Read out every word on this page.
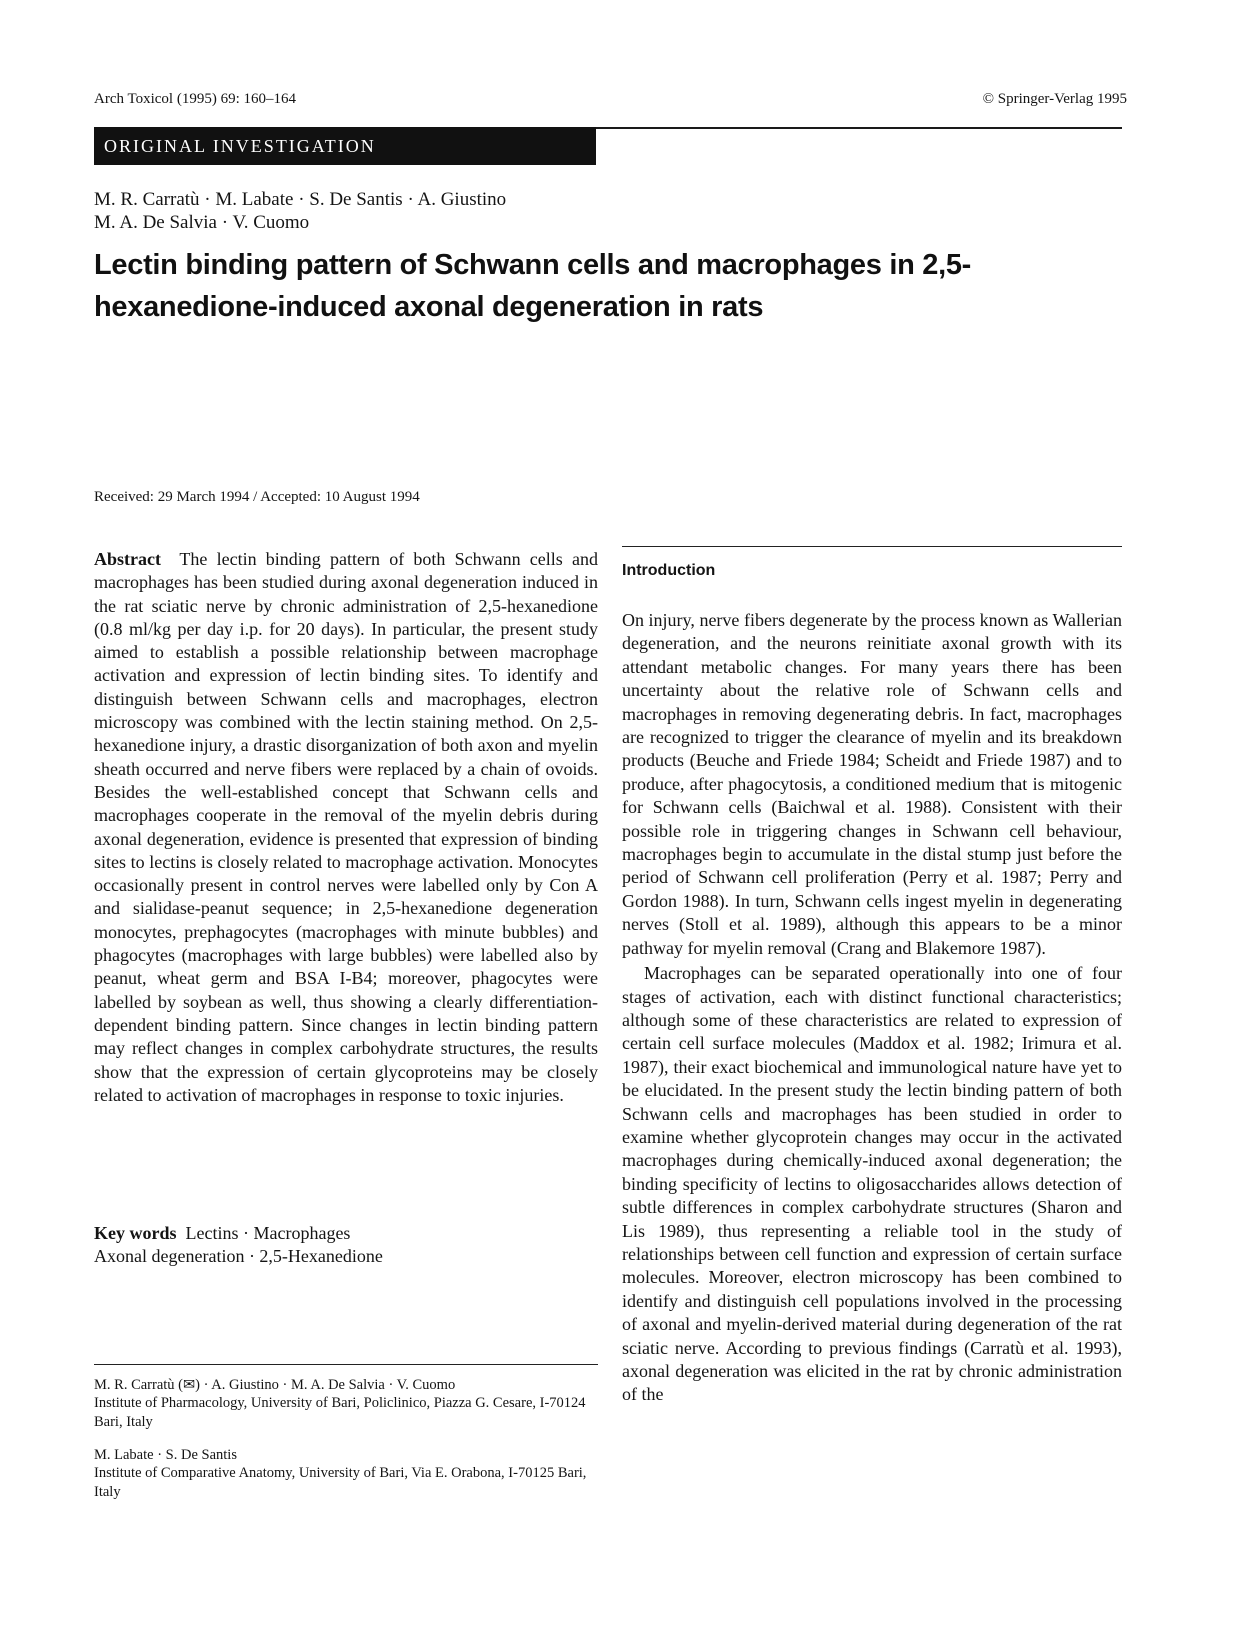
Arch Toxicol (1995) 69: 160–164	© Springer-Verlag 1995
ORIGINAL INVESTIGATION
M. R. Carratù · M. Labate · S. De Santis · A. Giustino
M. A. De Salvia · V. Cuomo
Lectin binding pattern of Schwann cells and macrophages in 2,5-hexanedione-induced axonal degeneration in rats
Received: 29 March 1994 / Accepted: 10 August 1994

Abstract The lectin binding pattern of both Schwann cells and macrophages has been studied during axonal degeneration induced in the rat sciatic nerve by chronic administration of 2,5-hexanedione (0.8 ml/kg per day i.p. for 20 days). In particular, the present study aimed to establish a possible relationship between macrophage activation and expression of lectin binding sites. To identify and distinguish between Schwann cells and macrophages, electron microscopy was combined with the lectin staining method. On 2,5-hexanedione injury, a drastic disorganization of both axon and myelin sheath occurred and nerve fibers were replaced by a chain of ovoids. Besides the well-established concept that Schwann cells and macrophages cooperate in the removal of the myelin debris during axonal degeneration, evidence is presented that expression of binding sites to lectins is closely related to macrophage activation. Monocytes occasionally present in control nerves were labelled only by Con A and sialidase-peanut sequence; in 2,5-hexanedione degeneration monocytes, prephagocytes (macrophages with minute bubbles) and phagocytes (macrophages with large bubbles) were labelled also by peanut, wheat germ and BSA I-B4; moreover, phagocytes were labelled by soybean as well, thus showing a clearly differentiation-dependent binding pattern. Since changes in lectin binding pattern may reflect changes in complex carbohydrate structures, the results show that the expression of certain glycoproteins may be closely related to activation of macrophages in response to toxic injuries.

Key words Lectins · Macrophages
Axonal degeneration · 2,5-Hexanedione
M. R. Carratù (✉) · A. Giustino · M. A. De Salvia · V. Cuomo
Institute of Pharmacology, University of Bari, Policlinico, Piazza G. Cesare, I-70124 Bari, Italy
M. Labate · S. De Santis
Institute of Comparative Anatomy, University of Bari, Via E. Orabona, I-70125 Bari, Italy
Introduction

On injury, nerve fibers degenerate by the process known as Wallerian degeneration, and the neurons reinitiate axonal growth with its attendant metabolic changes. For many years there has been uncertainty about the relative role of Schwann cells and macrophages in removing degenerating debris. In fact, macrophages are recognized to trigger the clearance of myelin and its breakdown products (Beuche and Friede 1984; Scheidt and Friede 1987) and to produce, after phagocytosis, a conditioned medium that is mitogenic for Schwann cells (Baichwal et al. 1988). Consistent with their possible role in triggering changes in Schwann cell behaviour, macrophages begin to accumulate in the distal stump just before the period of Schwann cell proliferation (Perry et al. 1987; Perry and Gordon 1988). In turn, Schwann cells ingest myelin in degenerating nerves (Stoll et al. 1989), although this appears to be a minor pathway for myelin removal (Crang and Blakemore 1987).

Macrophages can be separated operationally into one of four stages of activation, each with distinct functional characteristics; although some of these characteristics are related to expression of certain cell surface molecules (Maddox et al. 1982; Irimura et al. 1987), their exact biochemical and immunological nature have yet to be elucidated. In the present study the lectin binding pattern of both Schwann cells and macrophages has been studied in order to examine whether glycoprotein changes may occur in the activated macrophages during chemically-induced axonal degeneration; the binding specificity of lectins to oligosaccharides allows detection of subtle differences in complex carbohydrate structures (Sharon and Lis 1989), thus representing a reliable tool in the study of relationships between cell function and expression of certain surface molecules. Moreover, electron microscopy has been combined to identify and distinguish cell populations involved in the processing of axonal and myelin-derived material during degeneration of the rat sciatic nerve. According to previous findings (Carratù et al. 1993), axonal degeneration was elicited in the rat by chronic administration of the
